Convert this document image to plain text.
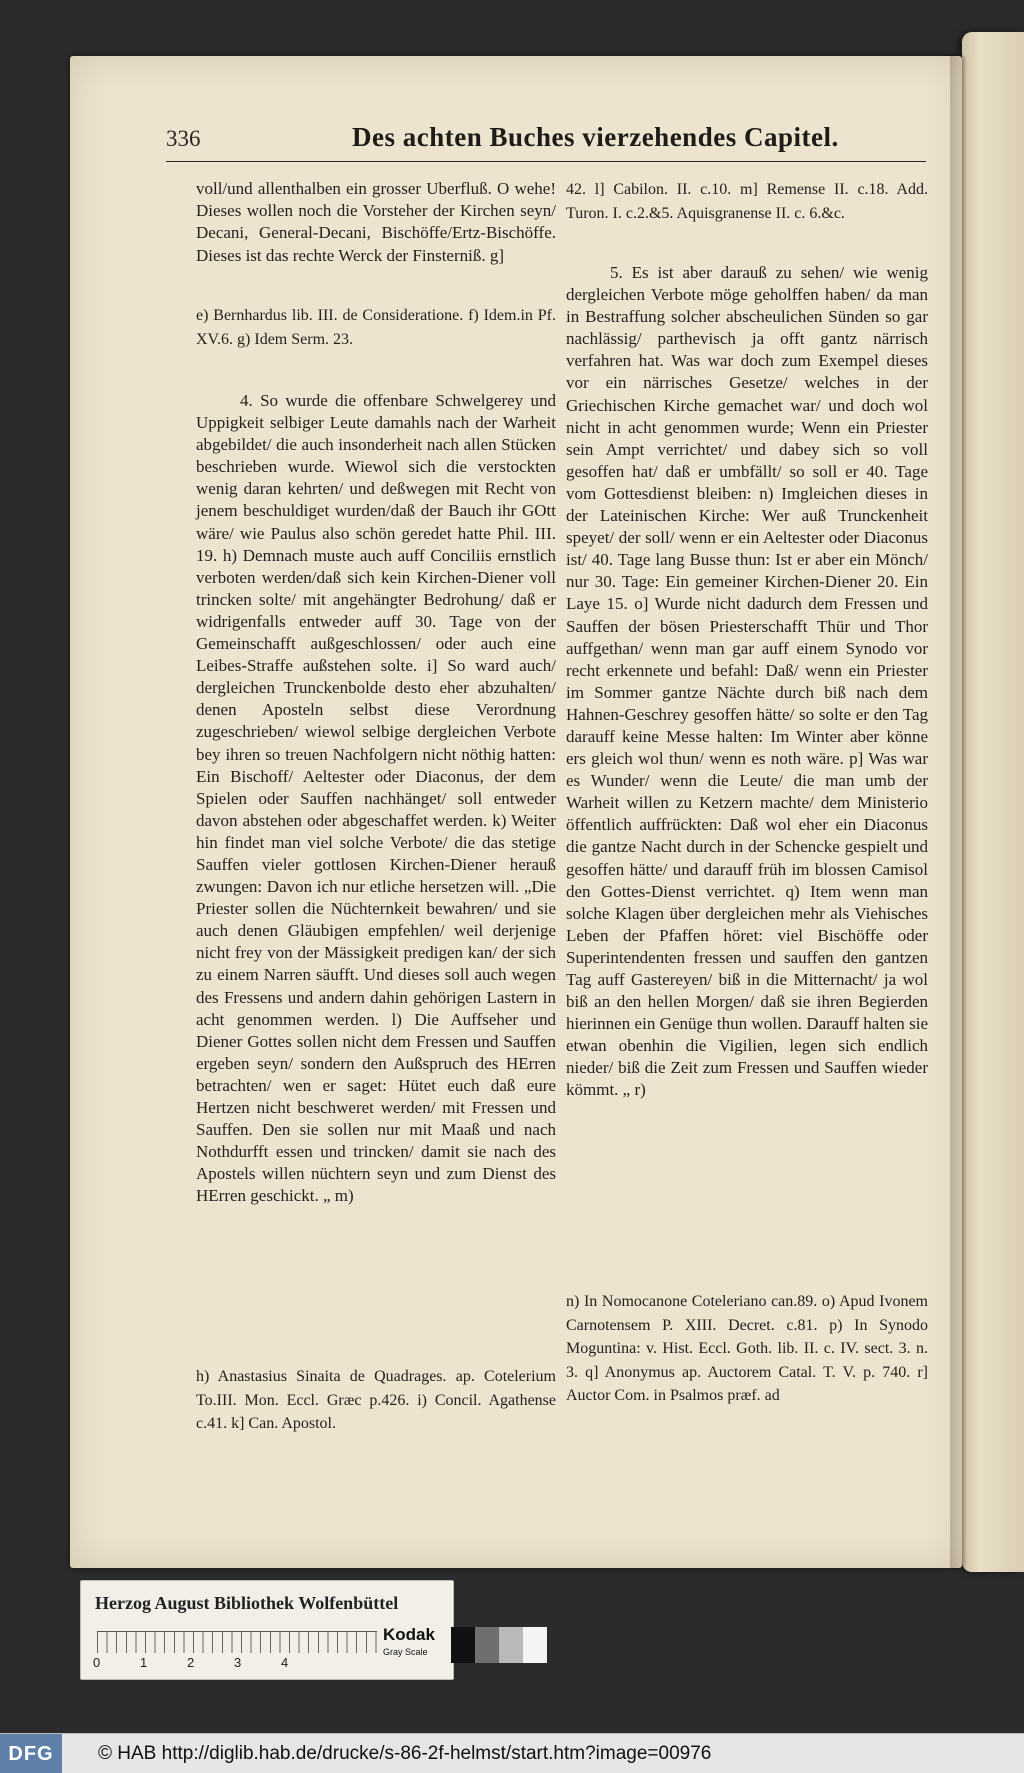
336	Des achten Buches vierzehendes Capitel.

voll/und allenthalben ein grosser Uberfluß. O wehe! Dieses wollen noch die Vorsteher der Kirchen seyn/ Decani, General-Decani, Bischöffe/Ertz-Bischöffe. Dieses ist das rechte Werck der Finsterniß. g]

e) Bernhardus lib. III. de Consideratione. f) Idem.in Pf. XV.6. g) Idem Serm. 23.

4. So wurde die offenbare Schwelgerey und Uppigkeit selbiger Leute damahls nach der Warheit abgebildet/ die auch insonderheit nach allen Stücken beschrieben wurde. Wiewol sich die verstockten wenig daran kehrten/ und deßwegen mit Recht von jenem beschuldiget wurden/daß der Bauch ihr GOtt wäre/ wie Paulus also schön geredet hatte Phil. III. 19. h) Demnach muste auch auff Conciliis ernstlich verboten werden/daß sich kein Kirchen-Diener voll trincken solte/ mit angehängter Bedrohung/ daß er widrigenfalls entweder auff 30. Tage von der Gemeinschafft außgeschlossen/ oder auch eine Leibes-Straffe außstehen solte. i] So ward auch/ dergleichen Trunckenbolde desto eher abzuhalten/ denen Aposteln selbst diese Verordnung zugeschrieben/ wiewol selbige dergleichen Verbote bey ihren so treuen Nachfolgern nicht nöthig hatten: Ein Bischoff/ Aeltester oder Diaconus, der dem Spielen oder Sauffen nachhänget/ soll entweder davon abstehen oder abgeschaffet werden. k) Weiter hin findet man viel solche Verbote/ die das stetige Sauffen vieler gottlosen Kirchen-Diener herauß zwungen: Davon ich nur etliche hersetzen will. „Die Priester sollen die Nüchternkeit bewahren/ und sie auch denen Gläubigen empfehlen/ weil derjenige nicht frey von der Mässigkeit predigen kan/ der sich zu einem Narren säufft. Und dieses soll auch wegen des Fressens und andern dahin gehörigen Lastern in acht genommen werden. l) Die Auffseher und Diener Gottes sollen nicht dem Fressen und Sauffen ergeben seyn/ sondern den Außspruch des HErren betrachten/ wen er saget: Hütet euch daß eure Hertzen nicht beschweret werden/ mit Fressen und Sauffen. Den sie sollen nur mit Maaß und nach Nothdurfft essen und trincken/ damit sie nach des Apostels willen nüchtern seyn und zum Dienst des HErren geschickt. „ m)

h) Anastasius Sinaita de Quadrages. ap. Cotelerium To.III. Mon. Eccl. Græc p.426. i) Concil. Agathense c.41. k] Can. Apostol.

42. l] Cabilon. II. c.10. m] Remense II. c.18. Add. Turon. I. c.2.&5. Aquisgranense II. c. 6.&c.

5. Es ist aber darauß zu sehen/ wie wenig dergleichen Verbote möge geholffen haben/ da man in Bestraffung solcher abscheulichen Sünden so gar nachlässig/ parthevisch ja offt gantz närrisch verfahren hat. Was war doch zum Exempel dieses vor ein närrisches Gesetze/ welches in der Griechischen Kirche gemachet war/ und doch wol nicht in acht genommen wurde; Wenn ein Priester sein Ampt verrichtet/ und dabey sich so voll gesoffen hat/ daß er umbfällt/ so soll er 40. Tage vom Gottesdienst bleiben: n) Imgleichen dieses in der Lateinischen Kirche: Wer auß Trunckenheit speyet/ der soll/ wenn er ein Aeltester oder Diaconus ist/ 40. Tage lang Busse thun: Ist er aber ein Mönch/ nur 30. Tage: Ein gemeiner Kirchen-Diener 20. Ein Laye 15. o] Wurde nicht dadurch dem Fressen und Sauffen der bösen Priesterschafft Thür und Thor auffgethan/ wenn man gar auff einem Synodo vor recht erkennete und befahl: Daß/ wenn ein Priester im Sommer gantze Nächte durch biß nach dem Hahnen-Geschrey gesoffen hätte/ so solte er den Tag darauff keine Messe halten: Im Winter aber könne ers gleich wol thun/ wenn es noth wäre. p] Was war es Wunder/ wenn die Leute/ die man umb der Warheit willen zu Ketzern machte/ dem Ministerio öffentlich auffrückten: Daß wol eher ein Diaconus die gantze Nacht durch in der Schencke gespielt und gesoffen hätte/ und darauff früh im blossen Camisol den Gottes-Dienst verrichtet. q) Item wenn man solche Klagen über dergleichen mehr als Viehisches Leben der Pfaffen höret: viel Bischöffe oder Superintendenten fressen und sauffen den gantzen Tag auff Gastereyen/ biß in die Mitternacht/ ja wol biß an den hellen Morgen/ daß sie ihren Begierden hierinnen ein Genüge thun wollen. Darauff halten sie etwan obenhin die Vigilien, legen sich endlich nieder/ biß die Zeit zum Fressen und Sauffen wieder kömmt. „ r)

n) In Nomocanone Coteleriano can.89. o) Apud Ivonem Carnotensem P. XIII. Decret. c.81. p) In Synodo Moguntina: v. Hist. Eccl. Goth. lib. II. c. IV. sect. 3. n. 3. q] Anonymus ap. Auctorem Catal. T. V. p. 740. r] Auctor Com. in Psalmos præf. ad

Herzog August Bibliothek Wolfenbüttel
0	1	2	3	4
Kodak
Gray Scale
DFG	© HAB http://diglib.hab.de/drucke/s-86-2f-helmst/start.htm?image=00976
